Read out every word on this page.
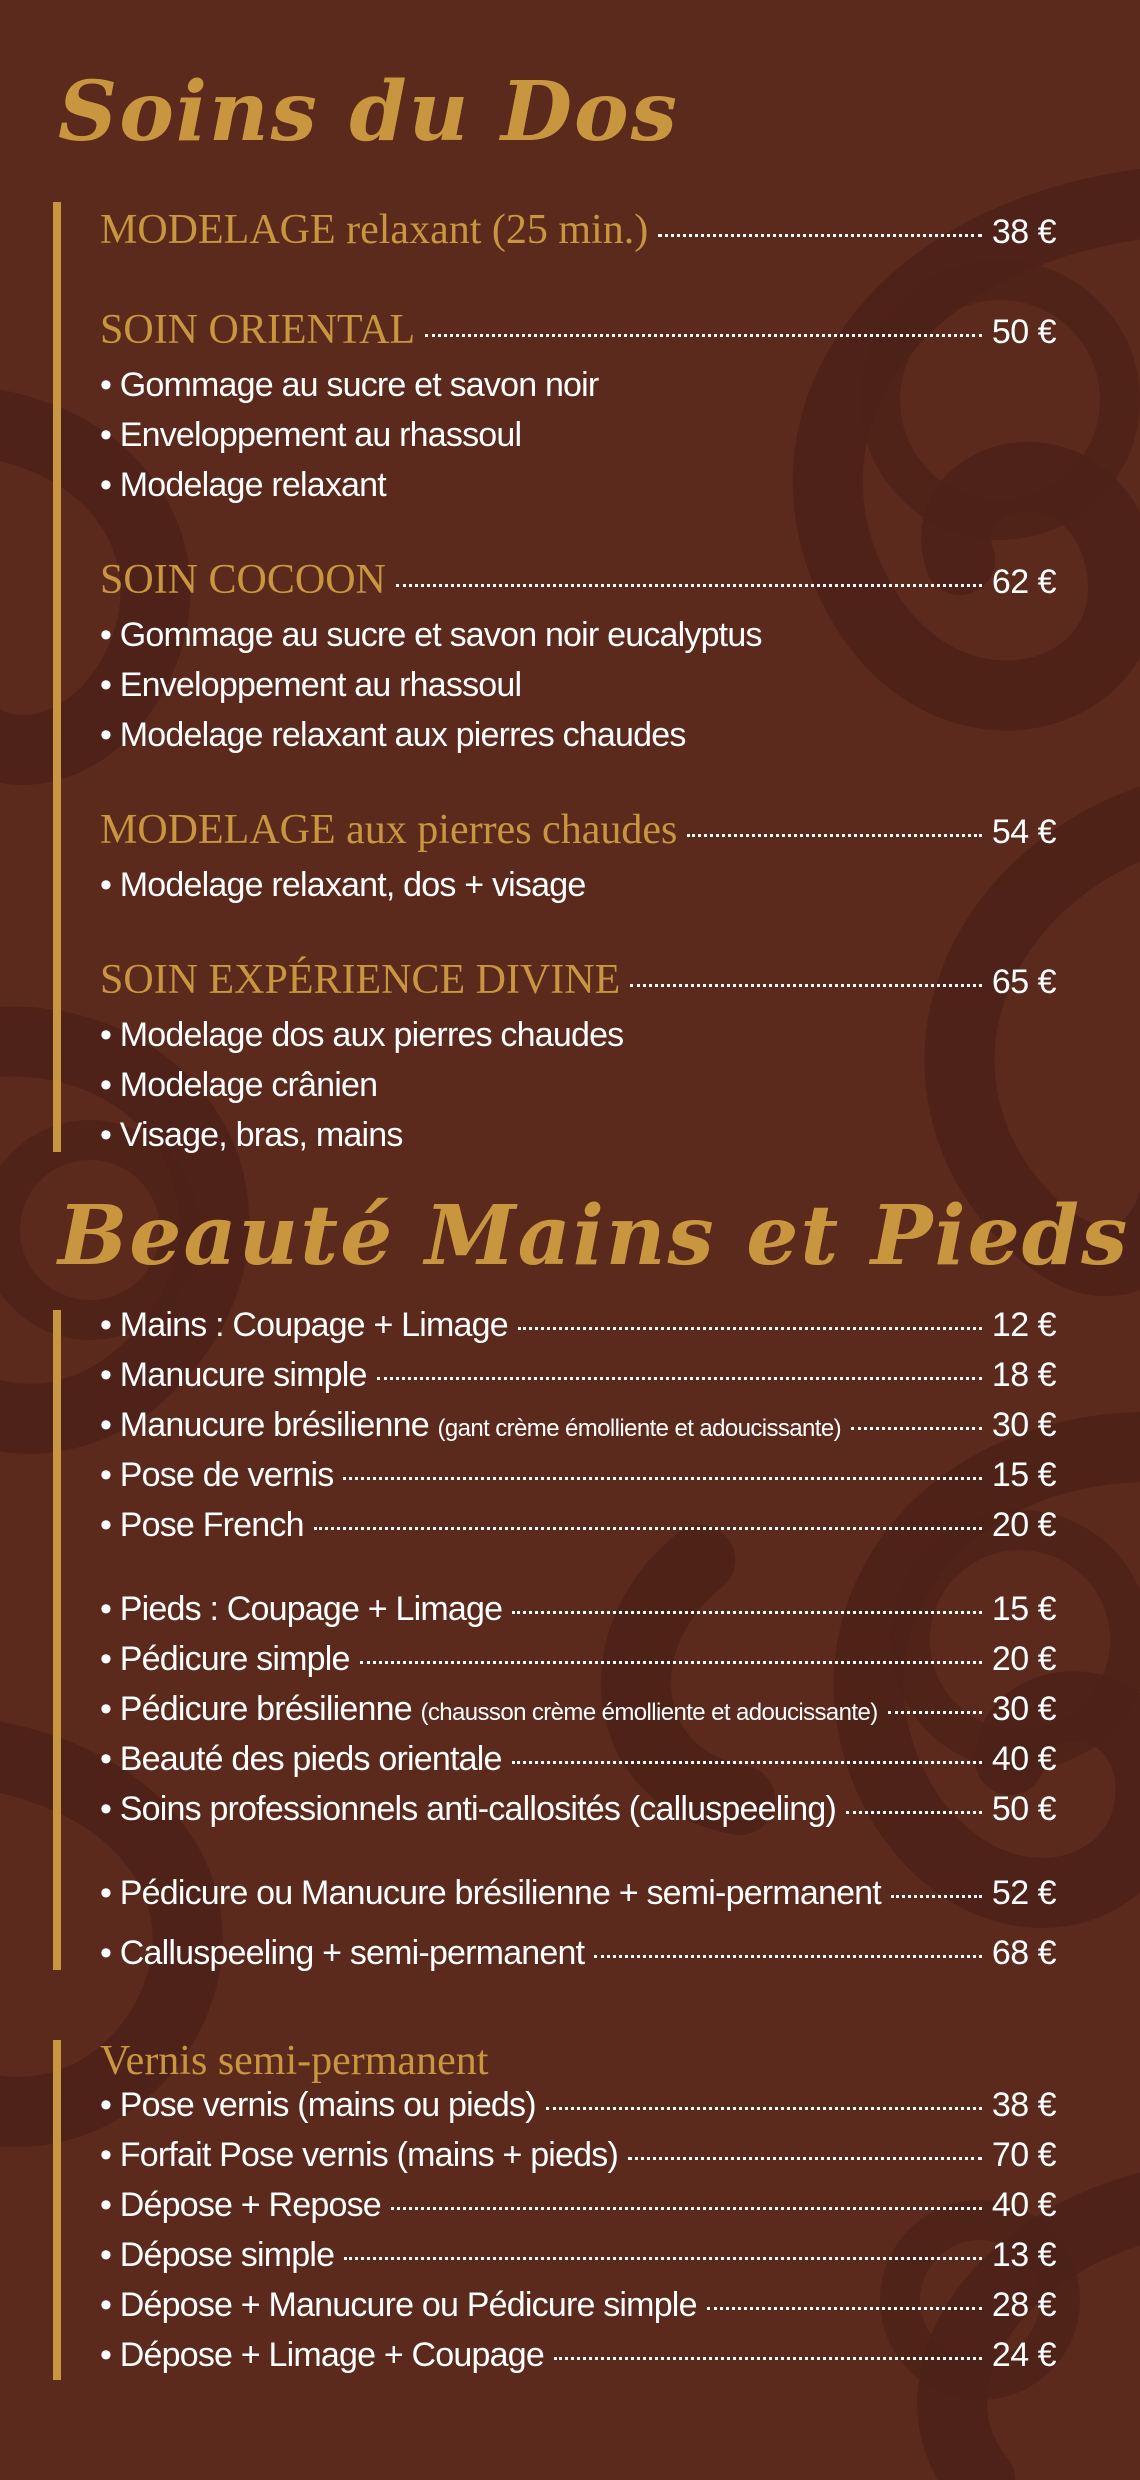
Soins du Dos
MODELAGE relaxant (25 min.)	38 €
SOIN ORIENTAL	50 €
• Gommage au sucre et savon noir
• Enveloppement au rhassoul
• Modelage relaxant
SOIN COCOON	62 €
• Gommage au sucre et savon noir eucalyptus
• Enveloppement au rhassoul
• Modelage relaxant aux pierres chaudes
MODELAGE aux pierres chaudes	54 €
• Modelage relaxant, dos + visage
SOIN EXPÉRIENCE DIVINE	65 €
• Modelage dos aux pierres chaudes
• Modelage crânien
• Visage, bras, mains
Beauté Mains et Pieds
• Mains : Coupage + Limage	12 €
• Manucure simple	18 €
• Manucure brésilienne (gant crème émolliente et adoucissante)	30 €
• Pose de vernis	15 €
• Pose French	20 €
• Pieds : Coupage + Limage	15 €
• Pédicure simple	20 €
• Pédicure brésilienne (chausson crème émolliente et adoucissante)	30 €
• Beauté des pieds orientale	40 €
• Soins professionnels anti-callosités (calluspeeling)	50 €
• Pédicure ou Manucure brésilienne + semi-permanent	52 €
• Calluspeeling + semi-permanent	68 €
Vernis semi-permanent
• Pose vernis (mains ou pieds)	38 €
• Forfait Pose vernis (mains + pieds)	70 €
• Dépose + Repose	40 €
• Dépose simple	13 €
• Dépose + Manucure ou Pédicure simple	28 €
• Dépose + Limage + Coupage	24 €
